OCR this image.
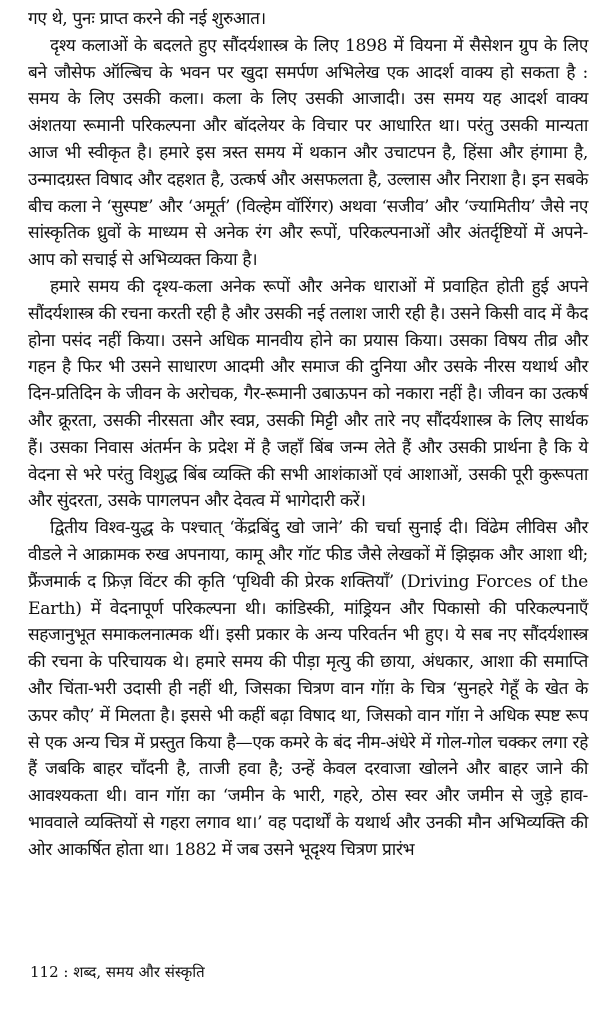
गए थे, पुनः प्राप्त करने की नई शुरुआत।

दृश्य कलाओं के बदलते हुए सौंदर्यशास्त्र के लिए 1898 में वियना में सैसेशन ग्रुप के लिए बने जौसेफ ऑल्बिच के भवन पर खुदा समर्पण अभिलेख एक आदर्श वाक्य हो सकता है : समय के लिए उसकी कला। कला के लिए उसकी आजादी। उस समय यह आदर्श वाक्य अंशतया रूमानी परिकल्पना और बॉदलेयर के विचार पर आधारित था। परंतु उसकी मान्यता आज भी स्वीकृत है। हमारे इस त्रस्त समय में थकान और उचाटपन है, हिंसा और हंगामा है, उन्मादग्रस्त विषाद और दहशत है, उत्कर्ष और असफलता है, उल्लास और निराशा है। इन सबके बीच कला ने ‘सुस्पष्ट’ और ‘अमूर्त’ (विल्हेम वॉरिंगर) अथवा ‘सजीव’ और ‘ज्यामितीय’ जैसे नए सांस्कृतिक ध्रुवों के माध्यम से अनेक रंग और रूपों, परिकल्पनाओं और अंतर्दृष्टियों में अपने-आप को सचाई से अभिव्यक्त किया है।

हमारे समय की दृश्य-कला अनेक रूपों और अनेक धाराओं में प्रवाहित होती हुई अपने सौंदर्यशास्त्र की रचना करती रही है और उसकी नई तलाश जारी रही है। उसने किसी वाद में कैद होना पसंद नहीं किया। उसने अधिक मानवीय होने का प्रयास किया। उसका विषय तीव्र और गहन है फिर भी उसने साधारण आदमी और समाज की दुनिया और उसके नीरस यथार्थ और दिन-प्रतिदिन के जीवन के अरोचक, गैर-रूमानी उबाऊपन को नकारा नहीं है। जीवन का उत्कर्ष और क्रूरता, उसकी नीरसता और स्वप्न, उसकी मिट्टी और तारे नए सौंदर्यशास्त्र के लिए सार्थक हैं। उसका निवास अंतर्मन के प्रदेश में है जहाँ बिंब जन्म लेते हैं और उसकी प्रार्थना है कि ये वेदना से भरे परंतु विशुद्ध बिंब व्यक्ति की सभी आशंकाओं एवं आशाओं, उसकी पूरी कुरूपता और सुंदरता, उसके पागलपन और देवत्व में भागेदारी करें।

द्वितीय विश्व-युद्ध के पश्चात् ‘केंद्रबिंदु खो जाने’ की चर्चा सुनाई दी। विंढेम लीविस और वीडले ने आक्रामक रुख अपनाया, कामू और गॉट फीड जैसे लेखकों में झिझक और आशा थी; फ्रैंजमार्क द फ्रिज़ विंटर की कृति ‘पृथिवी की प्रेरक शक्तियाँ’ (Driving Forces of the Earth) में वेदनापूर्ण परिकल्पना थी। कांडिस्की, मांड्रियन और पिकासो की परिकल्पनाएँ सहजानुभूत समाकलनात्मक थीं। इसी प्रकार के अन्य परिवर्तन भी हुए। ये सब नए सौंदर्यशास्त्र की रचना के परिचायक थे। हमारे समय की पीड़ा मृत्यु की छाया, अंधकार, आशा की समाप्ति और चिंता-भरी उदासी ही नहीं थी, जिसका चित्रण वान गॉग़ के चित्र ‘सुनहरे गेहूँ के खेत के ऊपर कौए’ में मिलता है। इससे भी कहीं बढ़ा विषाद था, जिसको वान गॉग़ ने अधिक स्पष्ट रूप से एक अन्य चित्र में प्रस्तुत किया है—एक कमरे के बंद नीम-अंधेरे में गोल-गोल चक्कर लगा रहे हैं जबकि बाहर चाँदनी है, ताजी हवा है; उन्हें केवल दरवाजा खोलने और बाहर जाने की आवश्यकता थी। वान गॉग़ का ‘जमीन के भारी, गहरे, ठोस स्वर और जमीन से जुड़े हाव-भाववाले व्यक्तियों से गहरा लगाव था।’ वह पदार्थों के यथार्थ और उनकी मौन अभिव्यक्ति की ओर आकर्षित होता था। 1882 में जब उसने भूदृश्य चित्रण प्रारंभ

112 : शब्द, समय और संस्कृति
